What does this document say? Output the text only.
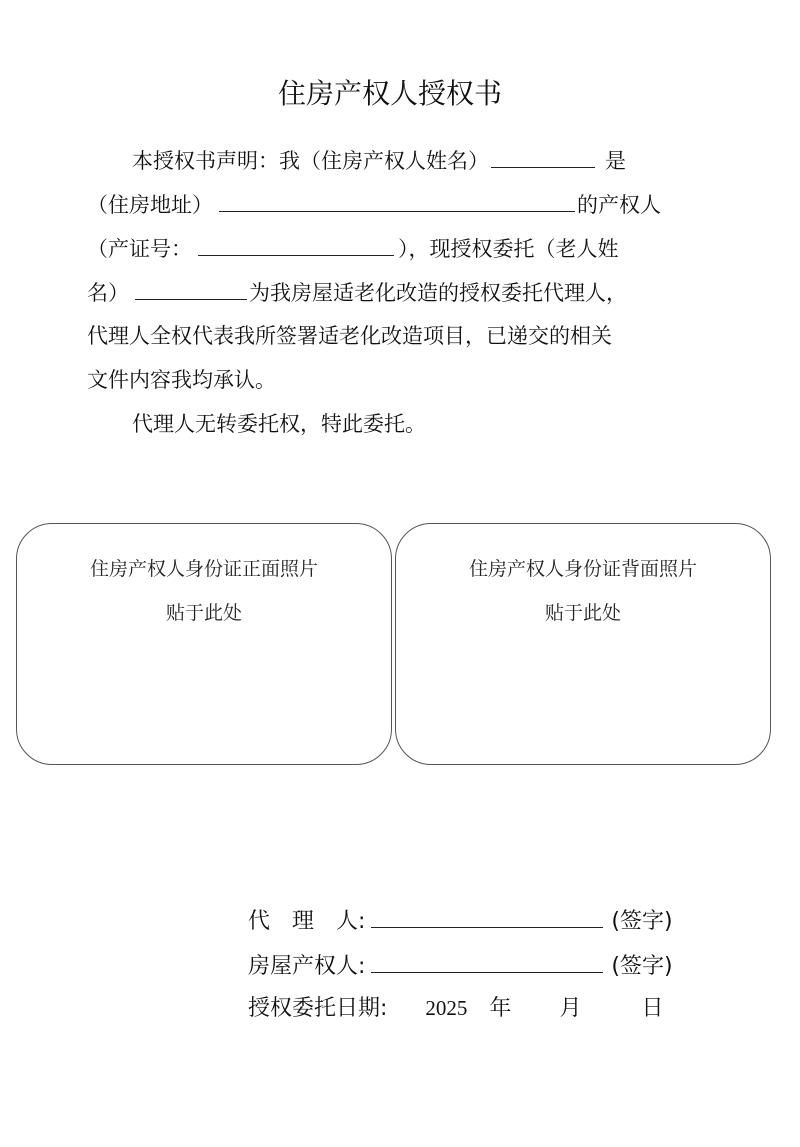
住房产权人授权书
本授权书声明：我（住房产权人姓名）	是
（住房地址）	的产权人
（产证号：	），现授权委托（老人姓
名）	为我房屋适老化改造的授权委托代理人，
代理人全权代表我所签署适老化改造项目，已递交的相关
文件内容我均承认。
代理人无转委托权，特此委托。
住房产权人身份证正面照片
贴于此处
住房产权人身份证背面照片
贴于此处
代　理　人:	(签字)
房屋产权人:	(签字)
授权委托日期: 2025 年 月	日
